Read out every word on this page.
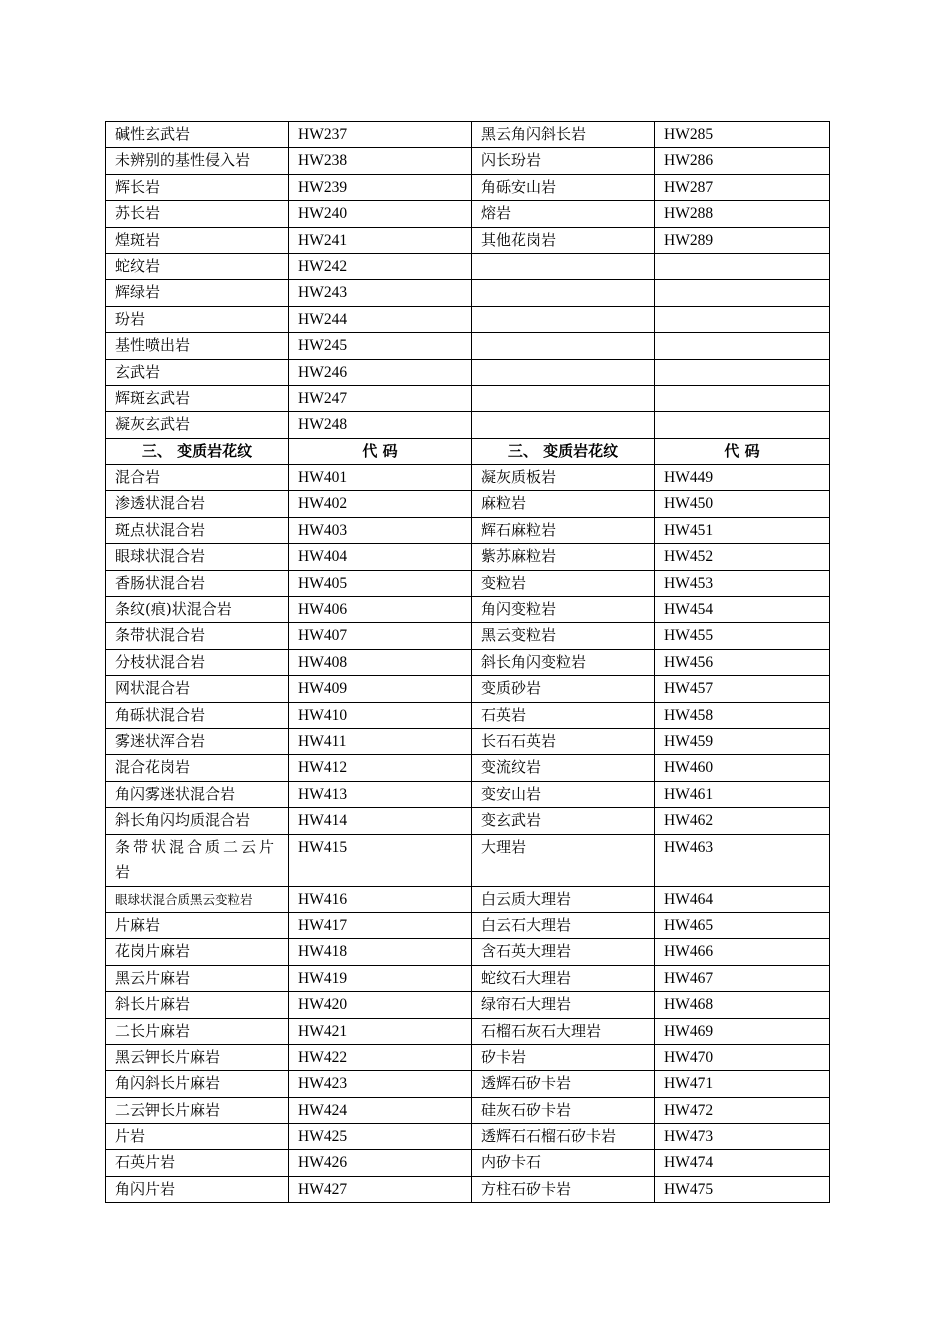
碱性玄武岩	HW237	黑云角闪斜长岩	HW285
未辨别的基性侵入岩	HW238	闪长玢岩	HW286
辉长岩	HW239	角砾安山岩	HW287
苏长岩	HW240	熔岩	HW288
煌斑岩	HW241	其他花岗岩	HW289
蛇纹岩	HW242		
辉绿岩	HW243		
玢岩	HW244		
基性喷出岩	HW245		
玄武岩	HW246		
辉斑玄武岩	HW247		
凝灰玄武岩	HW248		
三、 变质岩花纹	代 码	三、 变质岩花纹	代 码
混合岩	HW401	凝灰质板岩	HW449
渗透状混合岩	HW402	麻粒岩	HW450
斑点状混合岩	HW403	辉石麻粒岩	HW451
眼球状混合岩	HW404	紫苏麻粒岩	HW452
香肠状混合岩	HW405	变粒岩	HW453
条纹(痕)状混合岩	HW406	角闪变粒岩	HW454
条带状混合岩	HW407	黑云变粒岩	HW455
分枝状混合岩	HW408	斜长角闪变粒岩	HW456
网状混合岩	HW409	变质砂岩	HW457
角砾状混合岩	HW410	石英岩	HW458
雾迷状浑合岩	HW411	长石石英岩	HW459
混合花岗岩	HW412	变流纹岩	HW460
角闪雾迷状混合岩	HW413	变安山岩	HW461
斜长角闪均质混合岩	HW414	变玄武岩	HW462
条带状混合质二云片岩	HW415	大理岩	HW463
眼球状混合质黑云变粒岩	HW416	白云质大理岩	HW464
片麻岩	HW417	白云石大理岩	HW465
花岗片麻岩	HW418	含石英大理岩	HW466
黑云片麻岩	HW419	蛇纹石大理岩	HW467
斜长片麻岩	HW420	绿帘石大理岩	HW468
二长片麻岩	HW421	石榴石灰石大理岩	HW469
黑云钾长片麻岩	HW422	矽卡岩	HW470
角闪斜长片麻岩	HW423	透辉石矽卡岩	HW471
二云钾长片麻岩	HW424	硅灰石矽卡岩	HW472
片岩	HW425	透辉石石榴石矽卡岩	HW473
石英片岩	HW426	内矽卡石	HW474
角闪片岩	HW427	方柱石矽卡岩	HW475
